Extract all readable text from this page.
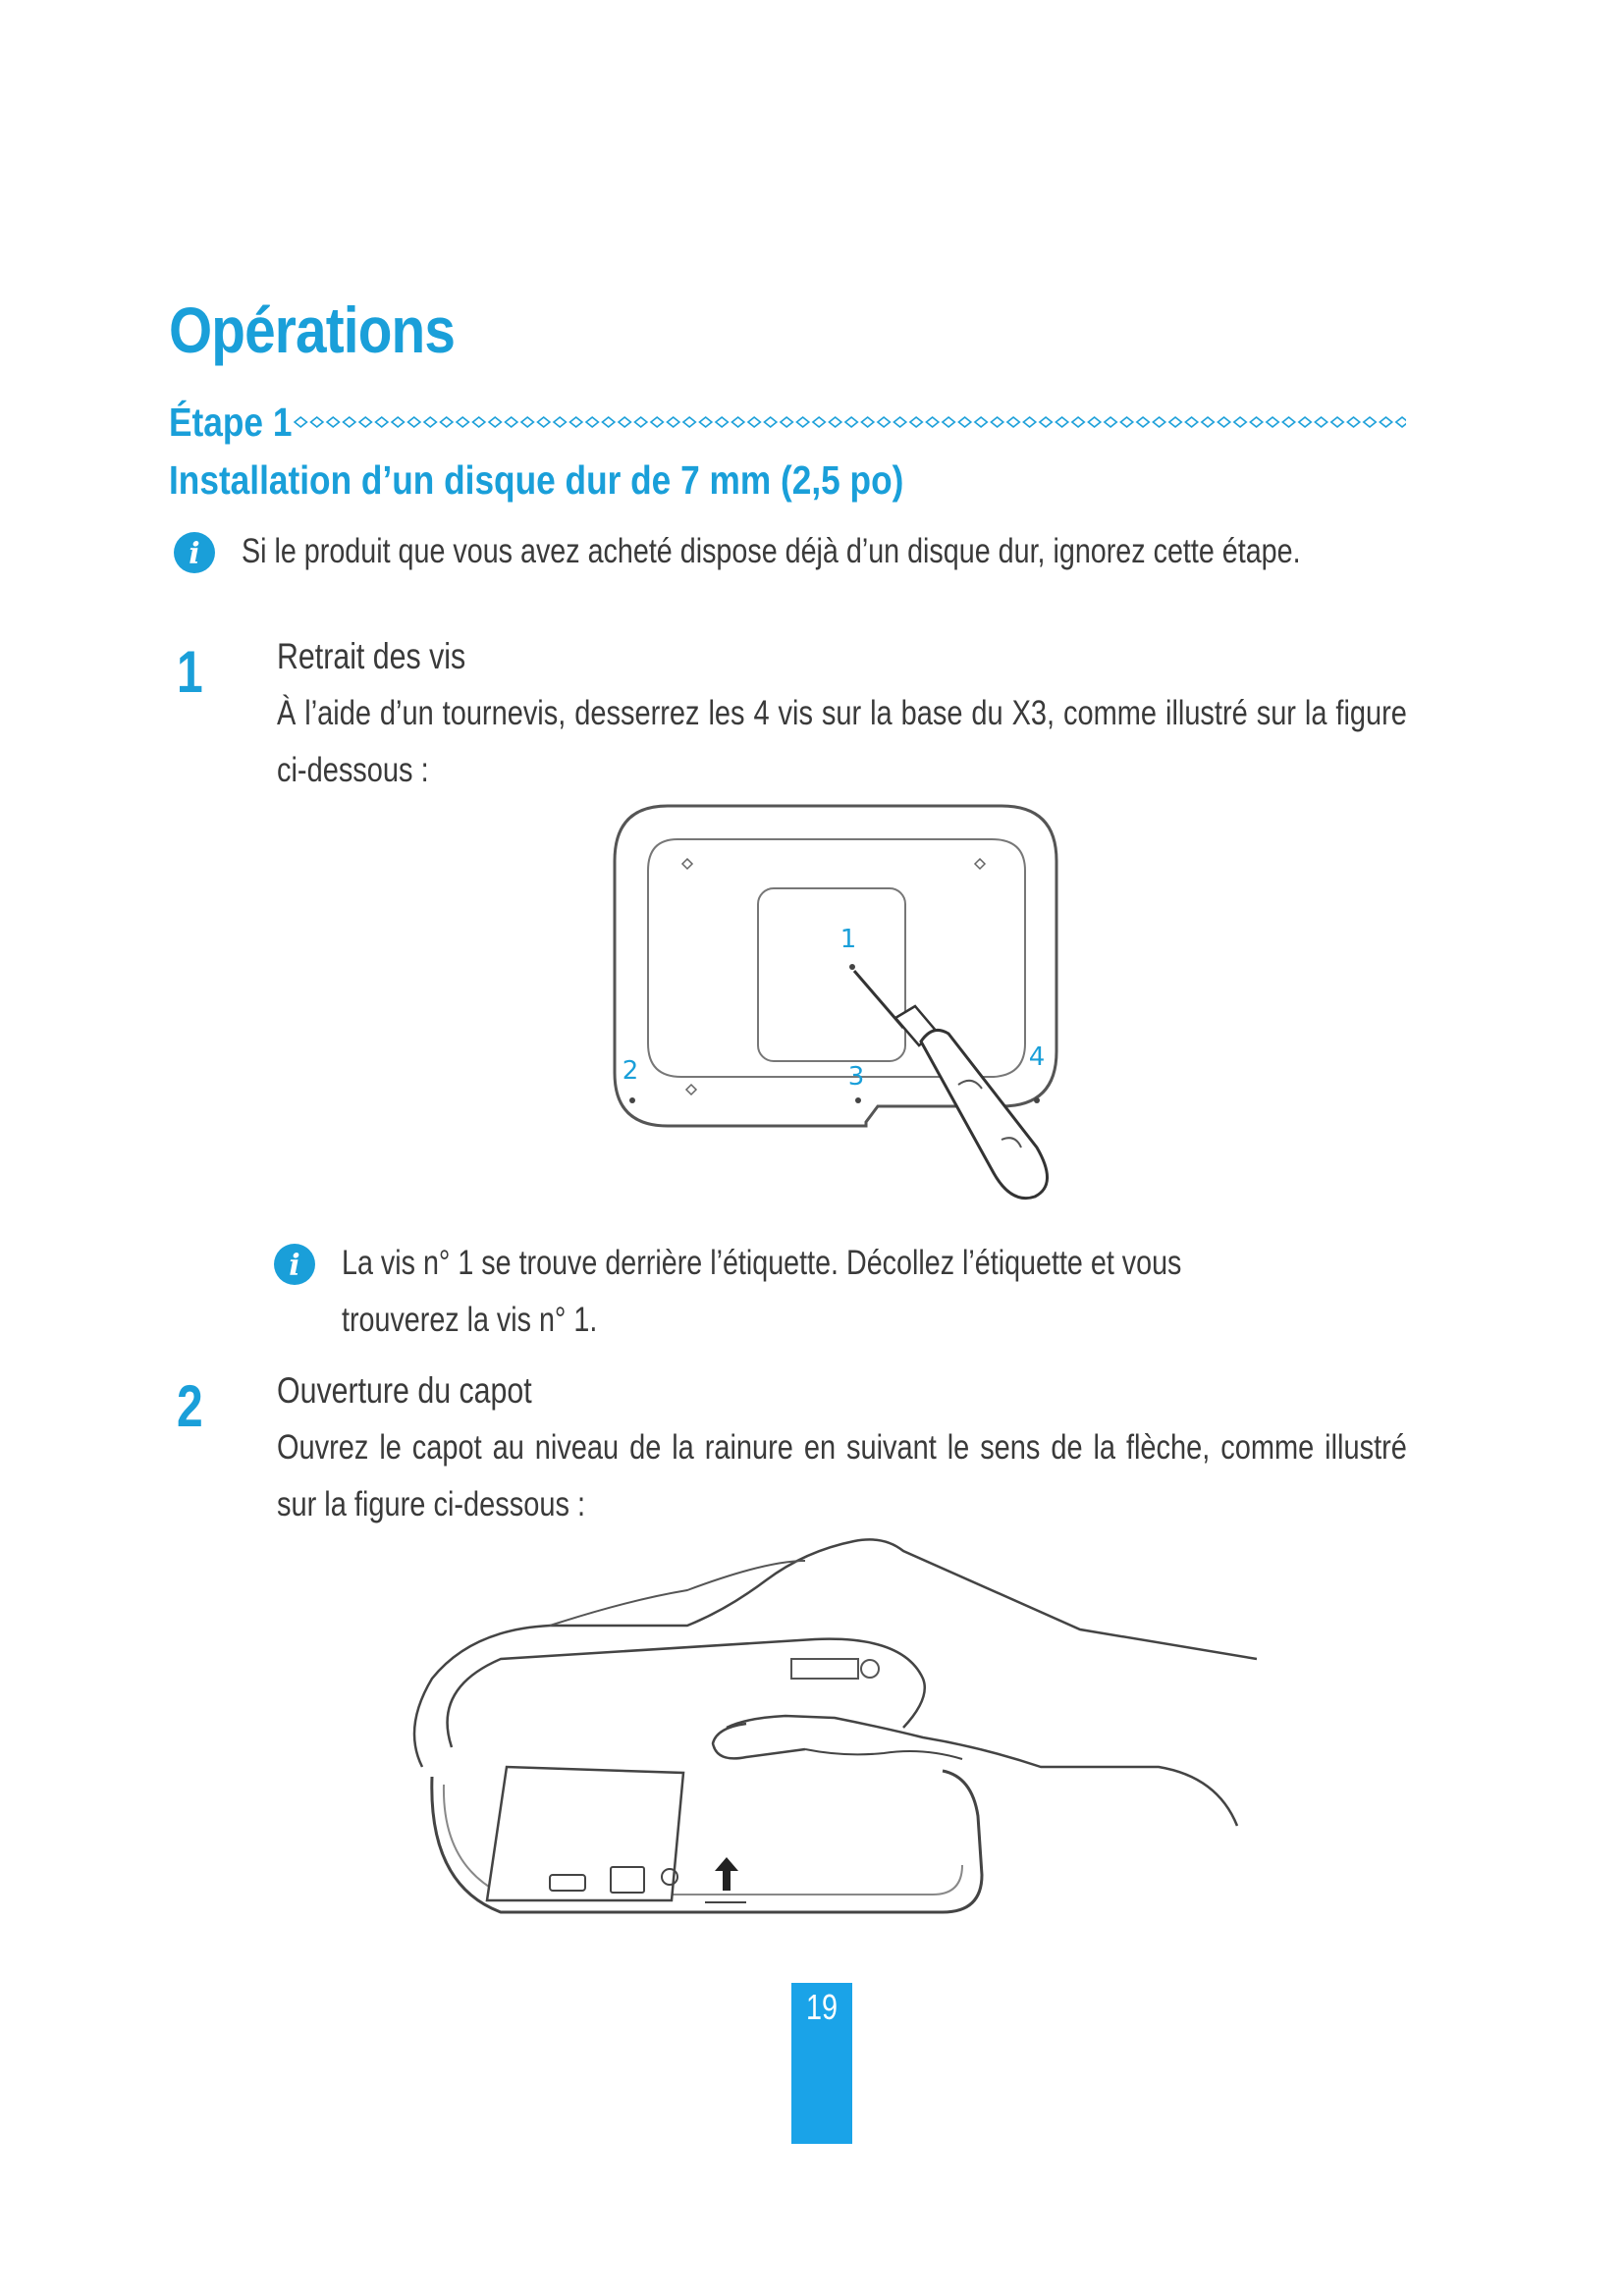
Opérations
Étape 1
Installation d’un disque dur de 7 mm (2,5 po)
i Si le produit que vous avez acheté dispose déjà d’un disque dur, ignorez cette étape.
1 Retrait des vis
À l’aide d’un tournevis, desserrez les 4 vis sur la base du X3, comme illustré sur la figure ci-dessous :
1
2	3
4
i La vis n° 1 se trouve derrière l’étiquette. Décollez l’étiquette et vous trouverez la vis n° 1.
2 Ouverture du capot
Ouvrez le capot au niveau de la rainure en suivant le sens de la flèche, comme illustré sur la figure ci-dessous :
19
